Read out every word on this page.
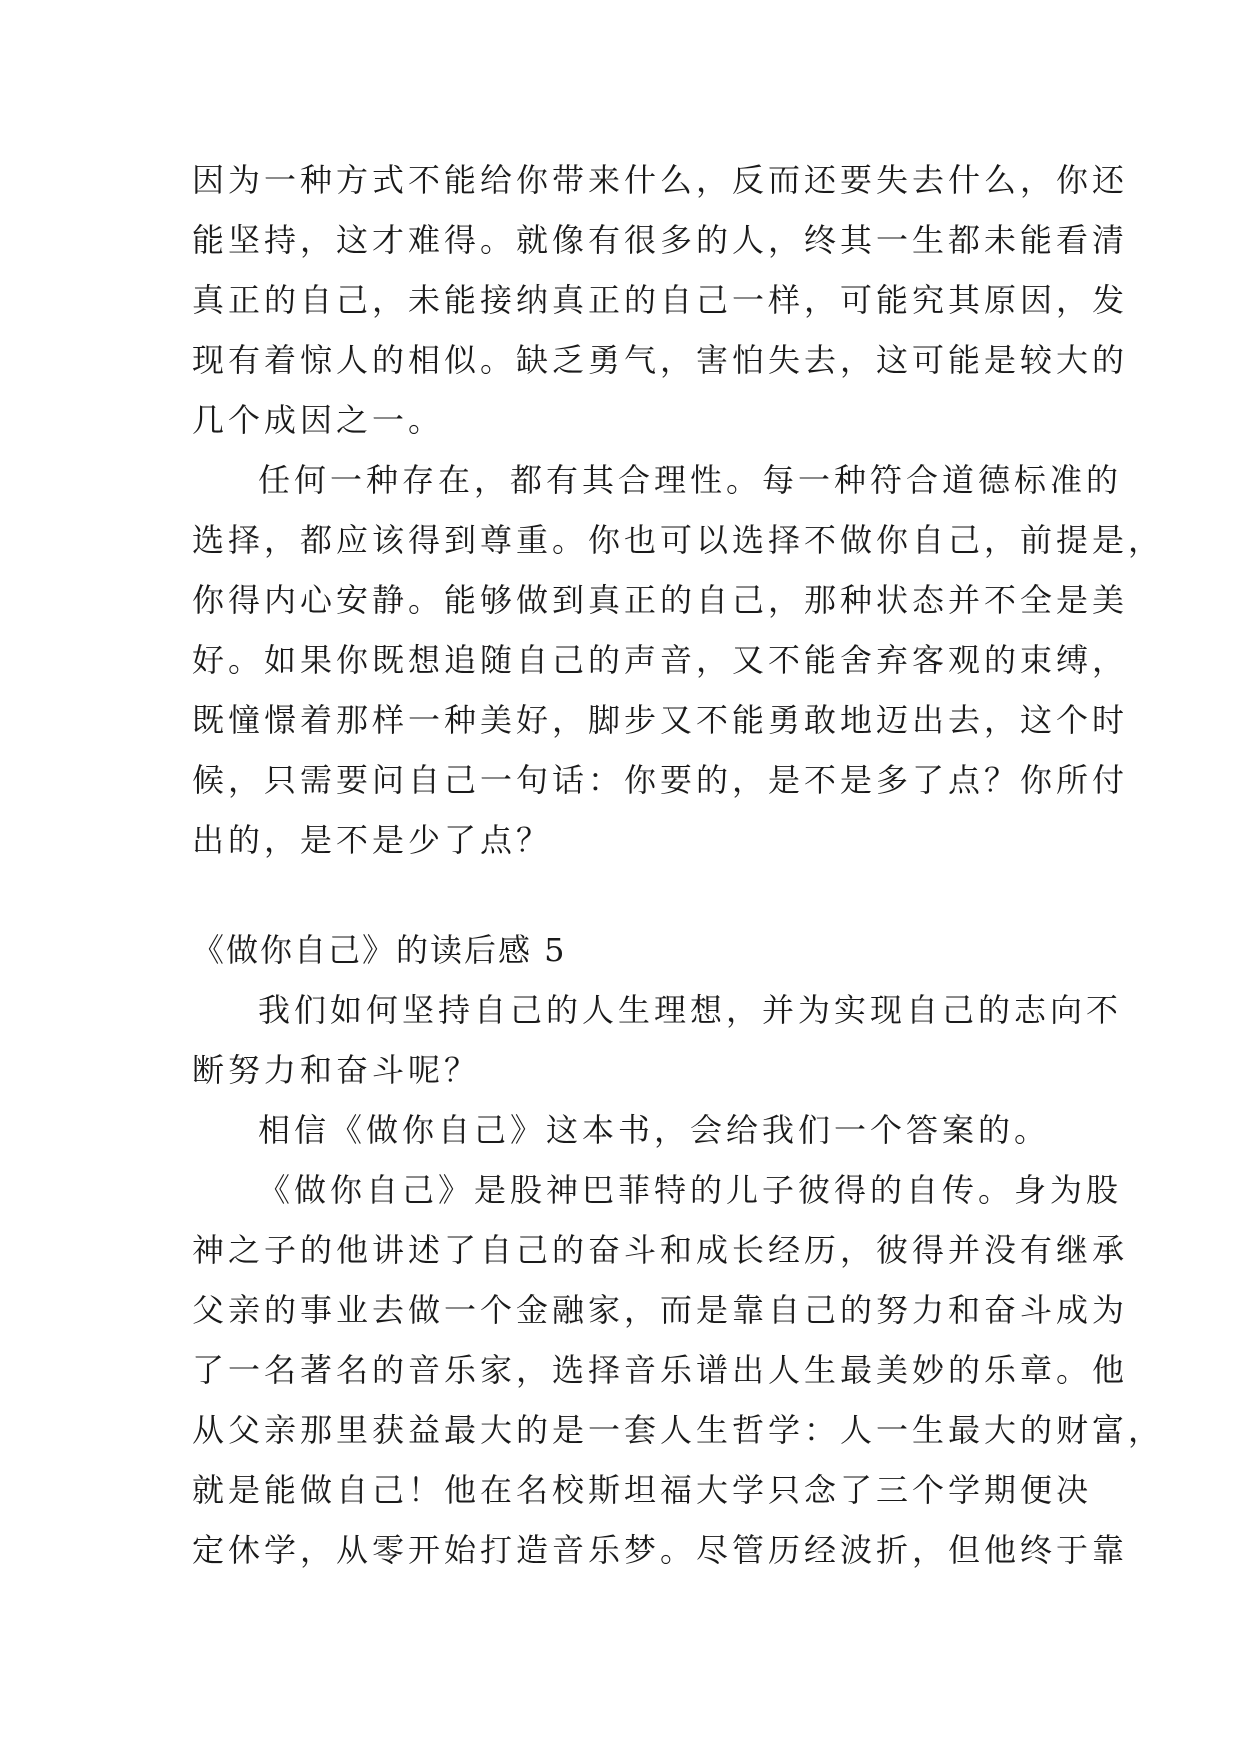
因为一种方式不能给你带来什么，反而还要失去什么，你还
能坚持，这才难得。就像有很多的人，终其一生都未能看清
真正的自己，未能接纳真正的自己一样，可能究其原因，发
现有着惊人的相似。缺乏勇气，害怕失去，这可能是较大的
几个成因之一。
任何一种存在，都有其合理性。每一种符合道德标准的
选择，都应该得到尊重。你也可以选择不做你自己，前提是，
你得内心安静。能够做到真正的自己，那种状态并不全是美
好。如果你既想追随自己的声音，又不能舍弃客观的束缚，
既憧憬着那样一种美好，脚步又不能勇敢地迈出去，这个时
候，只需要问自己一句话：你要的，是不是多了点？你所付
出的，是不是少了点？
《做你自己》的读后感 5
我们如何坚持自己的人生理想，并为实现自己的志向不
断努力和奋斗呢？
相信《做你自己》这本书，会给我们一个答案的。
《做你自己》是股神巴菲特的儿子彼得的自传。身为股
神之子的他讲述了自己的奋斗和成长经历，彼得并没有继承
父亲的事业去做一个金融家，而是靠自己的努力和奋斗成为
了一名著名的音乐家，选择音乐谱出人生最美妙的乐章。他
从父亲那里获益最大的是一套人生哲学：人一生最大的财富，
就是能做自己！他在名校斯坦福大学只念了三个学期便决
定休学，从零开始打造音乐梦。尽管历经波折，但他终于靠
